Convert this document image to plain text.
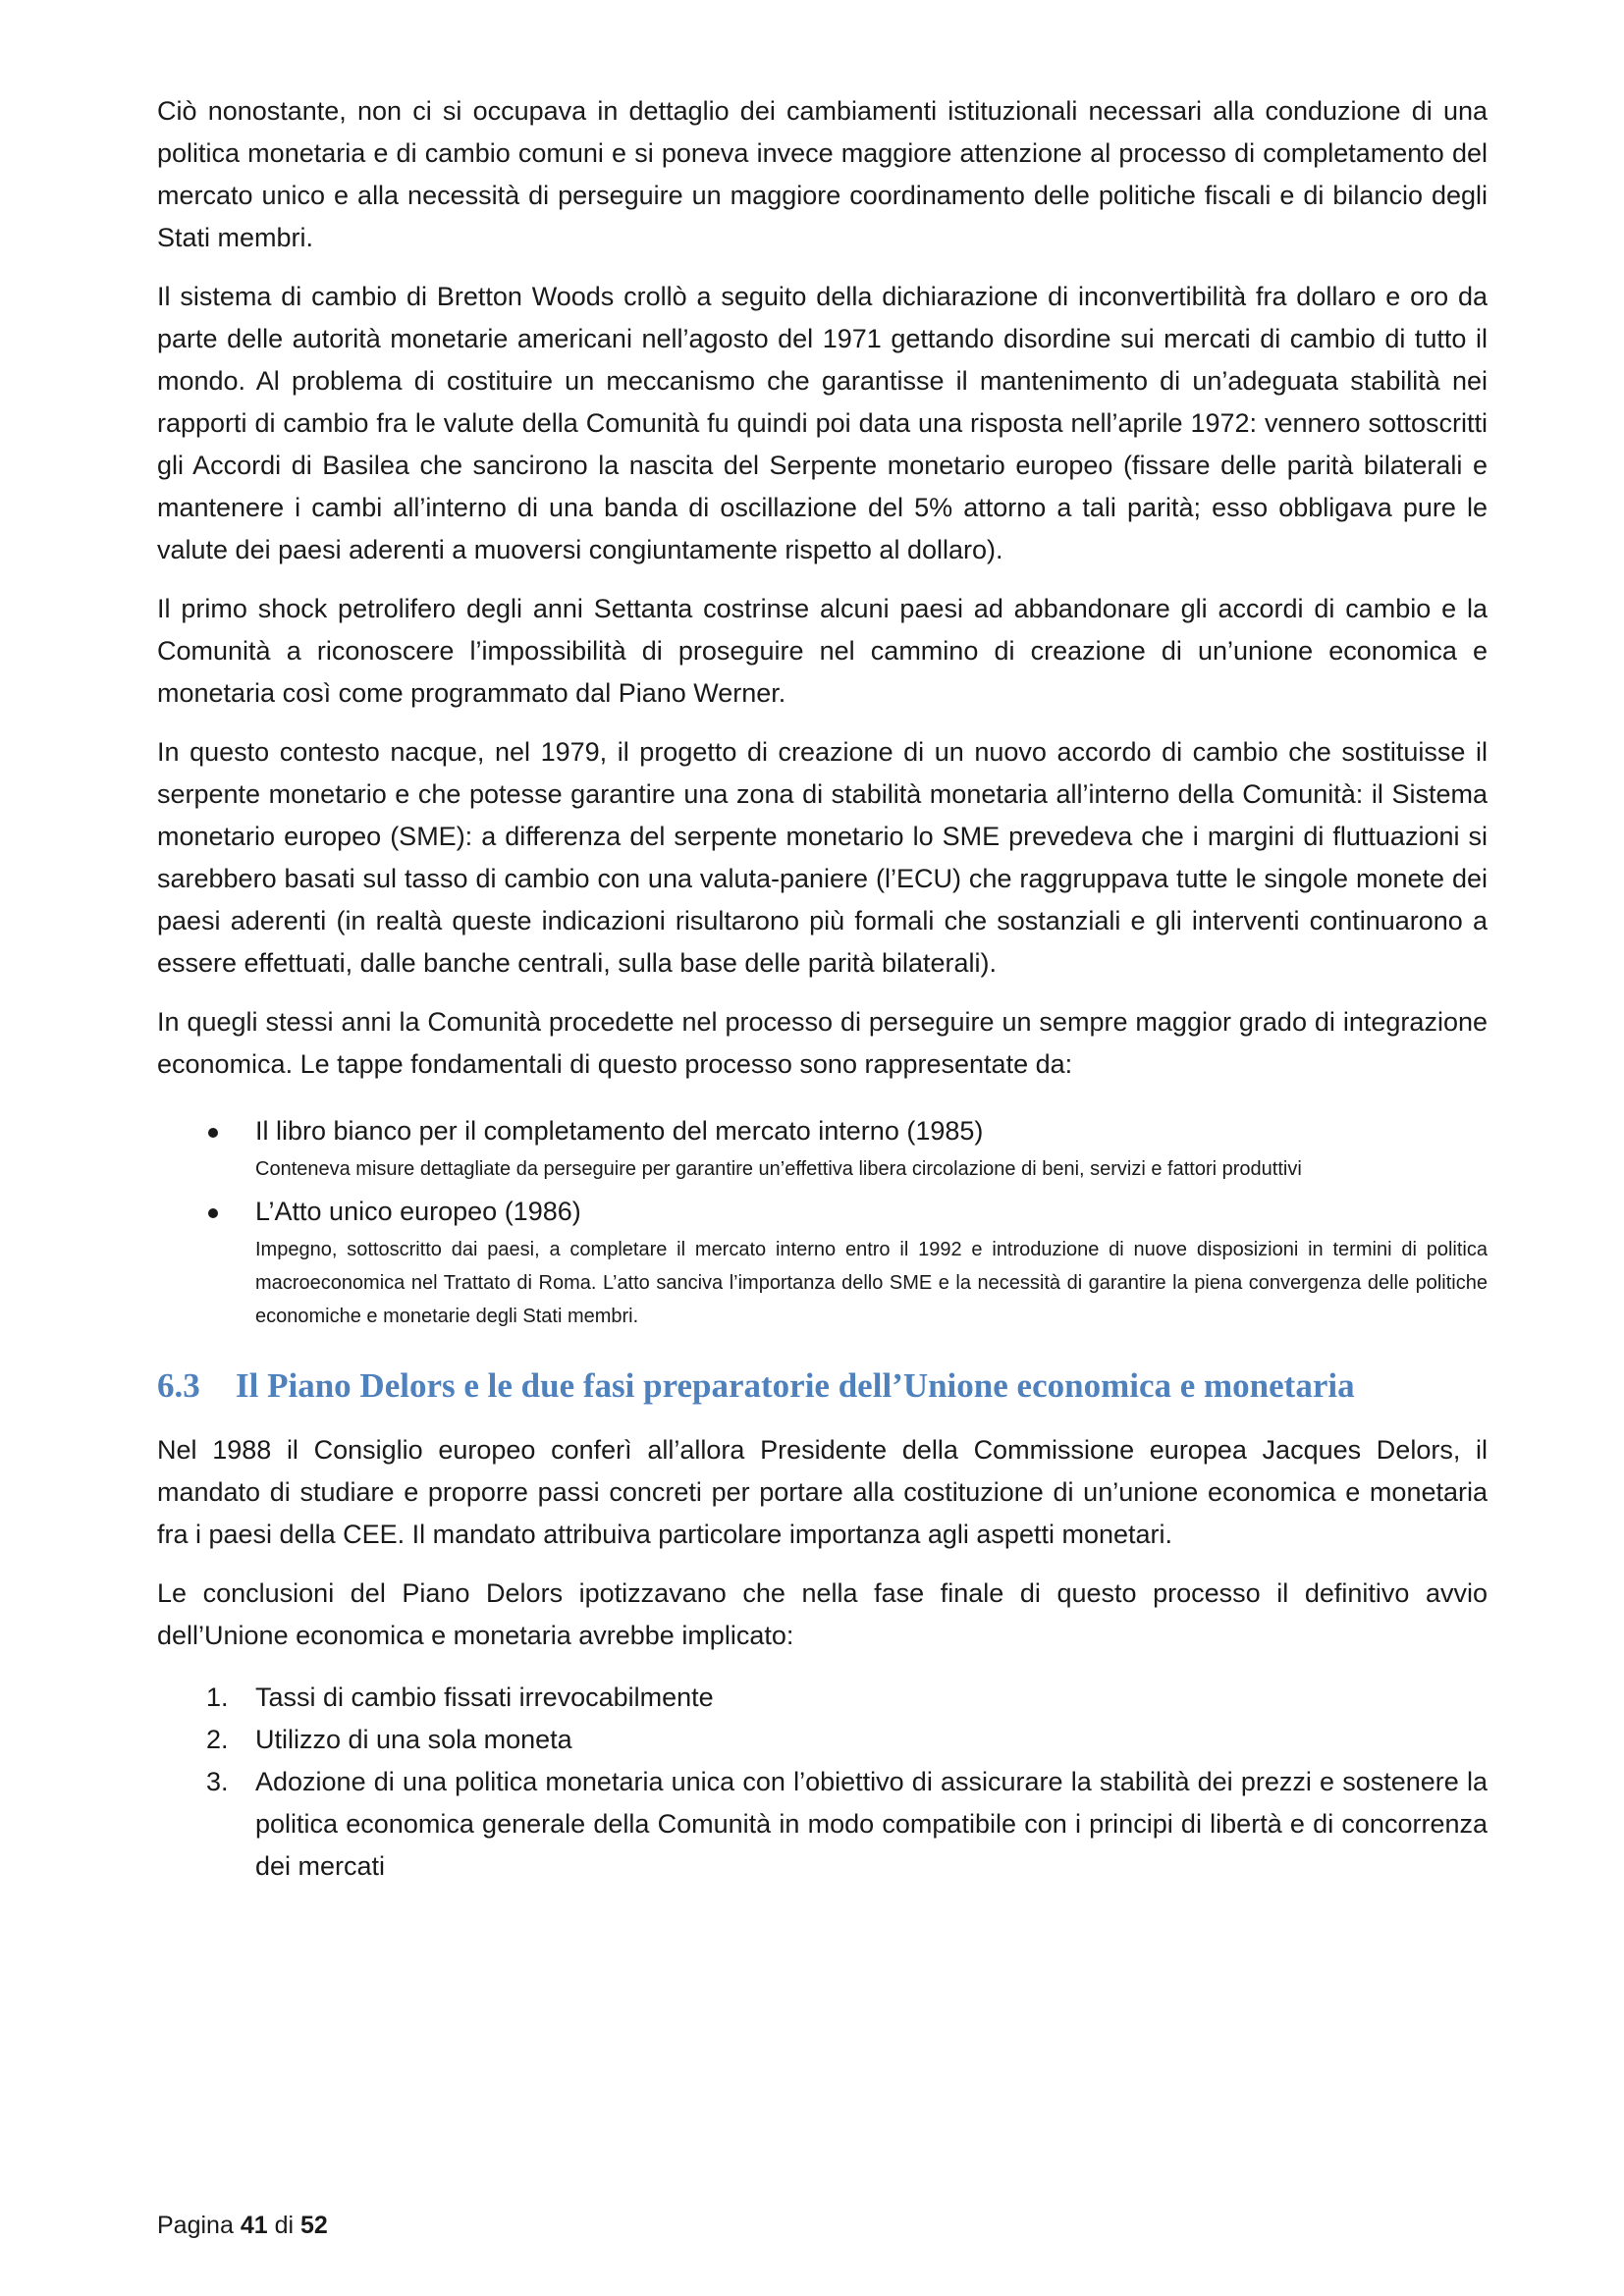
Ciò nonostante, non ci si occupava in dettaglio dei cambiamenti istituzionali necessari alla conduzione di una politica monetaria e di cambio comuni e si poneva invece maggiore attenzione al processo di completamento del mercato unico e alla necessità di perseguire un maggiore coordinamento delle politiche fiscali e di bilancio degli Stati membri.

Il sistema di cambio di Bretton Woods crollò a seguito della dichiarazione di inconvertibilità fra dollaro e oro da parte delle autorità monetarie americani nell’agosto del 1971 gettando disordine sui mercati di cambio di tutto il mondo. Al problema di costituire un meccanismo che garantisse il mantenimento di un’adeguata stabilità nei rapporti di cambio fra le valute della Comunità fu quindi poi data una risposta nell’aprile 1972: vennero sottoscritti gli Accordi di Basilea che sancirono la nascita del Serpente monetario europeo (fissare delle parità bilaterali e mantenere i cambi all’interno di una banda di oscillazione del 5% attorno a tali parità; esso obbligava pure le valute dei paesi aderenti a muoversi congiuntamente rispetto al dollaro).

Il primo shock petrolifero degli anni Settanta costrinse alcuni paesi ad abbandonare gli accordi di cambio e la Comunità a riconoscere l’impossibilità di proseguire nel cammino di creazione di un’unione economica e monetaria così come programmato dal Piano Werner.

In questo contesto nacque, nel 1979, il progetto di creazione di un nuovo accordo di cambio che sostituisse il serpente monetario e che potesse garantire una zona di stabilità monetaria all’interno della Comunità: il Sistema monetario europeo (SME): a differenza del serpente monetario lo SME prevedeva che i margini di fluttuazioni si sarebbero basati sul tasso di cambio con una valuta-paniere (l’ECU) che raggruppava tutte le singole monete dei paesi aderenti (in realtà queste indicazioni risultarono più formali che sostanziali e gli interventi continuarono a essere effettuati, dalle banche centrali, sulla base delle parità bilaterali).

In quegli stessi anni la Comunità procedette nel processo di perseguire un sempre maggior grado di integrazione economica. Le tappe fondamentali di questo processo sono rappresentate da:

Il libro bianco per il completamento del mercato interno (1985)
Conteneva misure dettagliate da perseguire per garantire un’effettiva libera circolazione di beni, servizi e fattori produttivi
L’Atto unico europeo (1986)
Impegno, sottoscritto dai paesi, a completare il mercato interno entro il 1992 e introduzione di nuove disposizioni in termini di politica macroeconomica nel Trattato di Roma. L’atto sanciva l’importanza dello SME e la necessità di garantire la piena convergenza delle politiche economiche e monetarie degli Stati membri.
6.3 Il Piano Delors e le due fasi preparatorie dell’Unione economica e monetaria

Nel 1988 il Consiglio europeo conferì all’allora Presidente della Commissione europea Jacques Delors, il mandato di studiare e proporre passi concreti per portare alla costituzione di un’unione economica e monetaria fra i paesi della CEE. Il mandato attribuiva particolare importanza agli aspetti monetari.

Le conclusioni del Piano Delors ipotizzavano che nella fase finale di questo processo il definitivo avvio dell’Unione economica e monetaria avrebbe implicato:

1. Tassi di cambio fissati irrevocabilmente
2. Utilizzo di una sola moneta
3. Adozione di una politica monetaria unica con l’obiettivo di assicurare la stabilità dei prezzi e sostenere la politica economica generale della Comunità in modo compatibile con i principi di libertà e di concorrenza dei mercati
Pagina 41 di 52
